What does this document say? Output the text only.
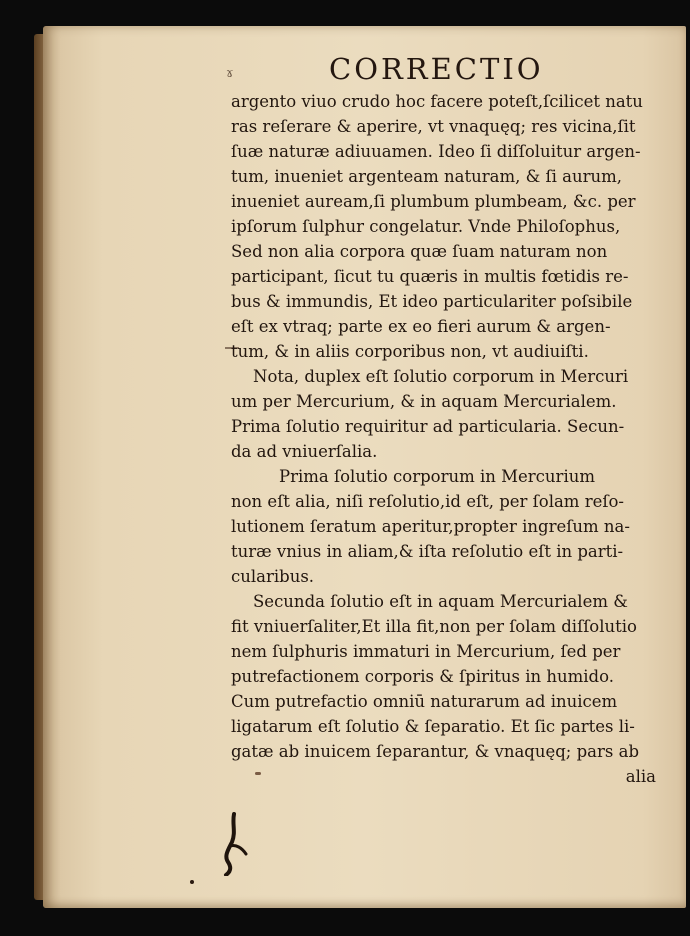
ɤ	CORRECTIO
argento viuo crudo hoc facere poteſt,ſcilicet natu
ras reſerare & aperire, vt vnaquęq; res vicina,ſit
ſuæ naturæ adiuuamen. Ideo ſi diſſoluitur argen-
tum, inueniet argenteam naturam, & ſi aurum,
inueniet auream,ſi plumbum plumbeam, &c. per
ipſorum ſulphur congelatur. Vnde Philoſophus,
Sed non alia corpora quæ ſuam naturam non
participant, ſicut tu quæris in multis fœtidis re-
bus & immundis, Et ideo particulariter poſsibile
eſt ex vtraq; parte ex eo fieri aurum & argen-
tum, & in aliis corporibus non, vt audiuiſti.
Nota, duplex eſt ſolutio corporum in Mercuri
um per Mercurium, & in aquam Mercurialem.
Prima ſolutio requiritur ad particularia. Secun-
da ad vniuerſalia.
Prima ſolutio corporum in Mercurium
non eſt alia, niſi reſolutio,id eſt, per ſolam reſo-
lutionem ſeratum aperitur,propter ingreſum na-
turæ vnius in aliam,& iſta reſolutio eſt in parti-
cularibus.
Secunda ſolutio eſt in aquam Mercurialem &
fit vniuerſaliter,Et illa fit,non per ſolam diſſolutio
nem ſulphuris immaturi in Mercurium, ſed per
putrefactionem corporis & ſpiritus in humido.
Cum putrefactio omniū naturarum ad inuicem
ligatarum eſt ſolutio & ſeparatio. Et ſic partes li-
gatæ ab inuicem ſeparantur, & vnaquęq; pars ab
alia
